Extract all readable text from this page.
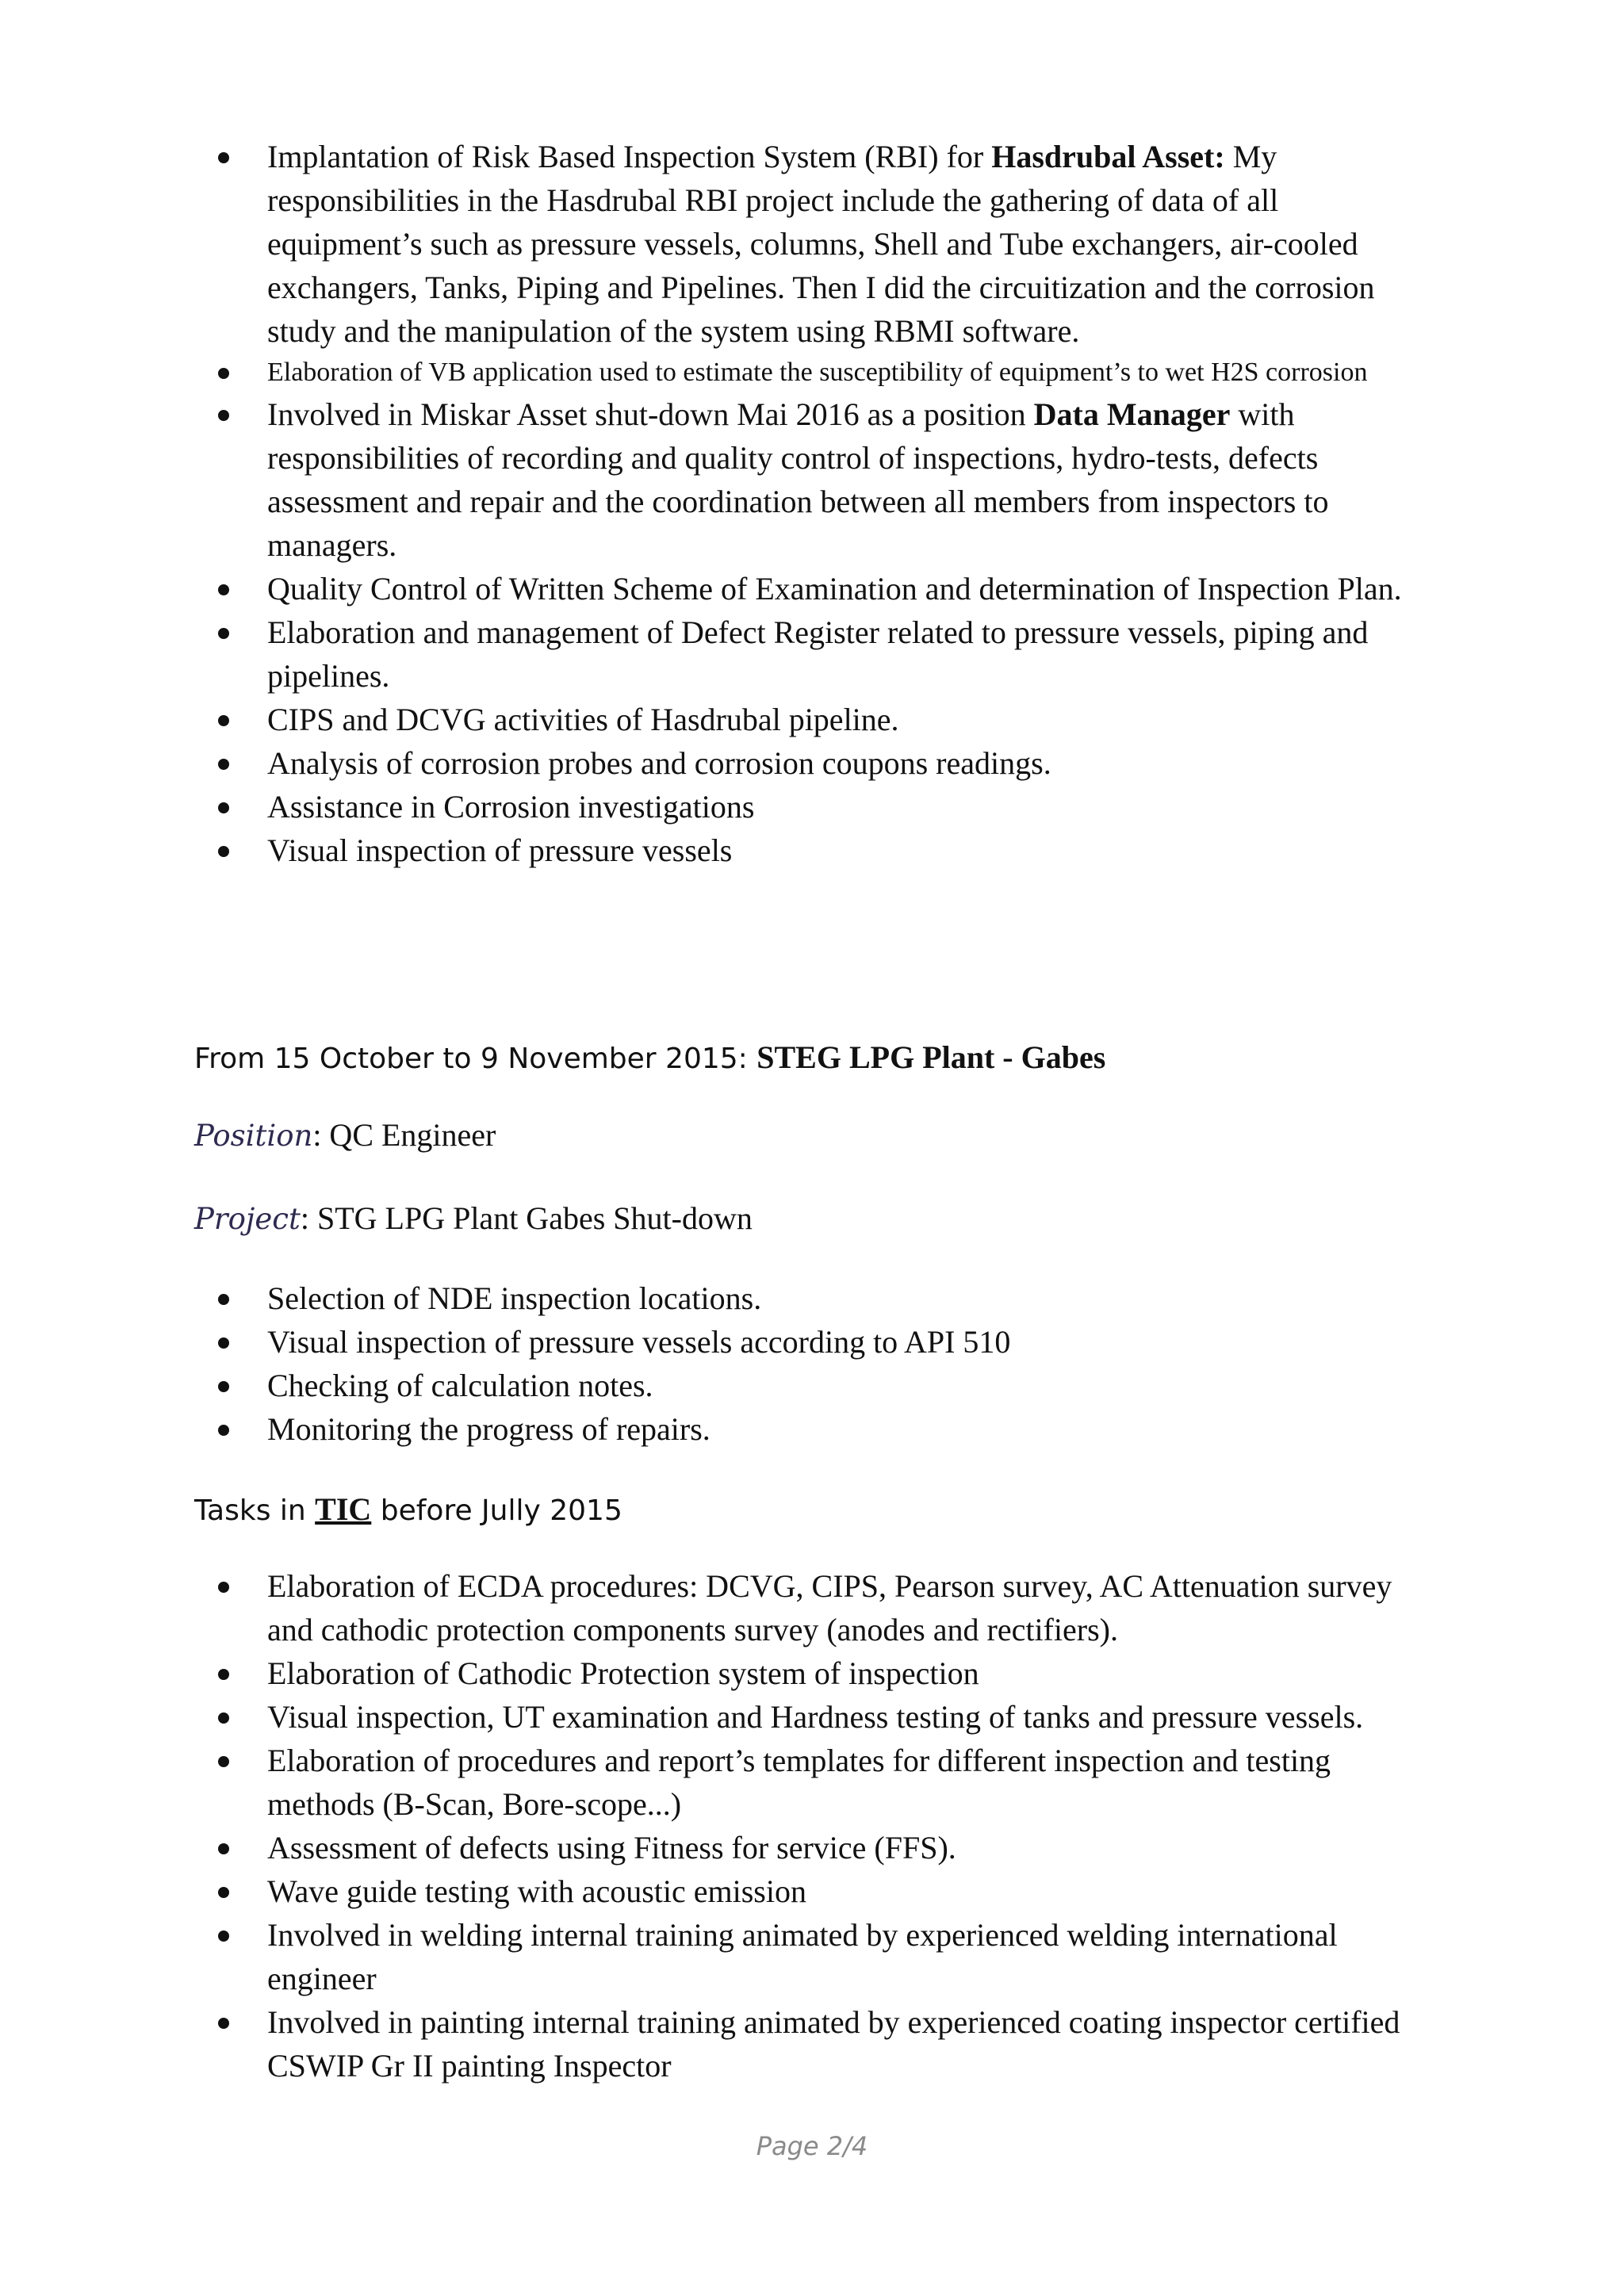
Implantation of Risk Based Inspection System (RBI) for Hasdrubal Asset: My responsibilities in the Hasdrubal RBI project include the gathering of data of all equipment’s such as pressure vessels, columns, Shell and Tube exchangers, air-cooled exchangers, Tanks, Piping and Pipelines. Then I did the circuitization and the corrosion study and the manipulation of the system using RBMI software.
Elaboration of VB application used to estimate the susceptibility of equipment’s to wet H2S corrosion
Involved in Miskar Asset shut-down Mai 2016 as a position Data Manager with responsibilities of recording and quality control of inspections, hydro-tests, defects assessment and repair and the coordination between all members from inspectors to managers.
Quality Control of Written Scheme of Examination and determination of Inspection Plan.
Elaboration and management of Defect Register related to pressure vessels, piping and pipelines.
CIPS and DCVG activities of Hasdrubal pipeline.
Analysis of corrosion probes and corrosion coupons readings.
Assistance in Corrosion investigations
Visual inspection of pressure vessels
From 15 October to 9 November 2015: STEG LPG Plant - Gabes
Position: QC Engineer
Project: STG LPG Plant Gabes Shut-down
Selection of NDE inspection locations.
Visual inspection of pressure vessels according to API 510
Checking of calculation notes.
Monitoring the progress of repairs.
Tasks in TIC before Jully 2015
Elaboration of ECDA procedures: DCVG, CIPS, Pearson survey, AC Attenuation survey and cathodic protection components survey (anodes and rectifiers).
Elaboration of Cathodic Protection system of inspection
Visual inspection, UT examination and Hardness testing of tanks and pressure vessels.
Elaboration of procedures and report’s templates for different inspection and testing methods (B-Scan, Bore-scope...)
Assessment of defects using Fitness for service (FFS).
Wave guide testing with acoustic emission
Involved in welding internal training animated by experienced welding international engineer
Involved in painting internal training animated by experienced coating inspector certified CSWIP Gr II painting Inspector
Page 2/4
